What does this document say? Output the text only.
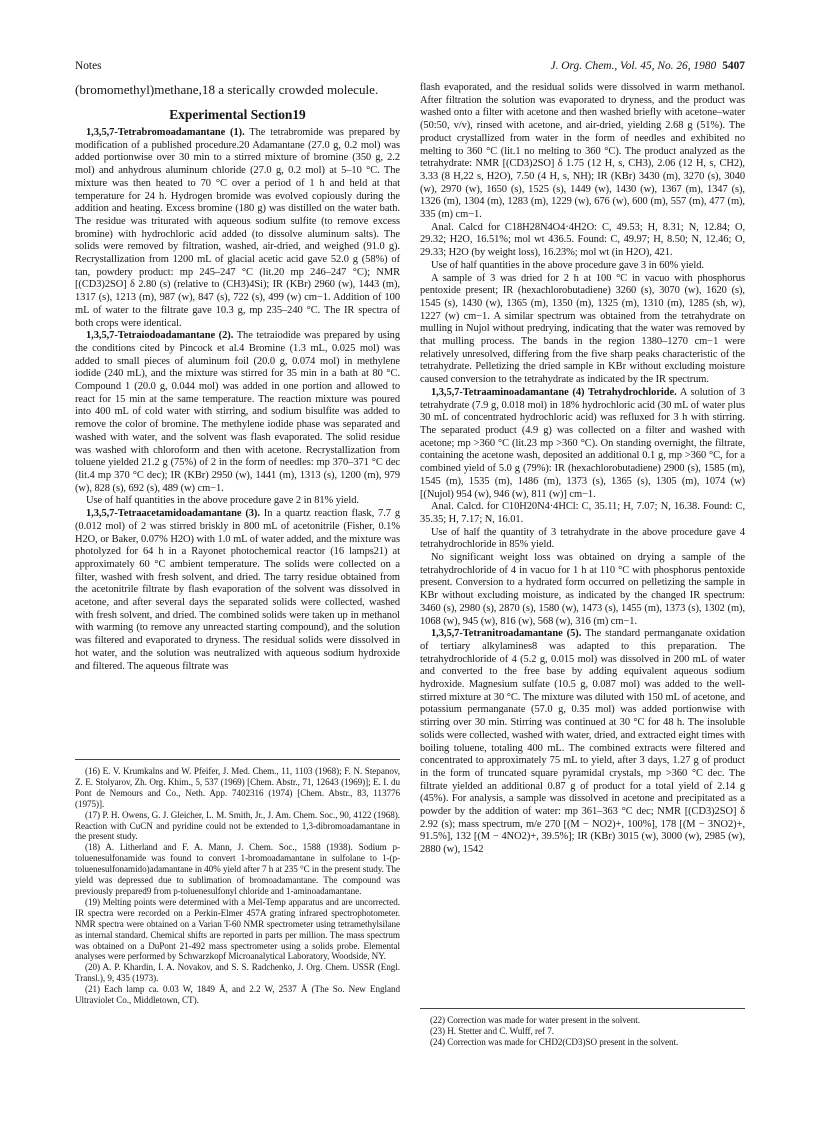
Notes	J. Org. Chem., Vol. 45, No. 26, 1980 5407
(bromomethyl)methane,18 a sterically crowded molecule.
Experimental Section19

1,3,5,7-Tetrabromoadamantane (1). The tetrabromide was prepared by modification of a published procedure.20 Adamantane (27.0 g, 0.2 mol) was added portionwise over 30 min to a stirred mixture of bromine (350 g, 2.2 mol) and anhydrous aluminum chloride (27.0 g, 0.2 mol) at 5–10 °C. The mixture was then heated to 70 °C over a period of 1 h and held at that temperature for 24 h. Hydrogen bromide was evolved copiously during the addition and heating. Excess bromine (180 g) was distilled on the water bath. The residue was triturated with aqueous sodium sulfite (to remove excess bromine) with hydrochloric acid added (to dissolve aluminum salts). The solids were removed by filtration, washed, air-dried, and weighed (91.0 g). Recrystallization from 1200 mL of glacial acetic acid gave 52.0 g (58%) of tan, powdery product: mp 245–247 °C (lit.20 mp 246–247 °C); NMR [(CD3)2SO] δ 2.80 (s) (relative to (CH3)4Si); IR (KBr) 2960 (w), 1443 (m), 1317 (s), 1213 (m), 987 (w), 847 (s), 722 (s), 499 (w) cm−1. Addition of 100 mL of water to the filtrate gave 10.3 g, mp 235–240 °C. The IR spectra of both crops were identical.

1,3,5,7-Tetraiodoadamantane (2). The tetraiodide was prepared by using the conditions cited by Pincock et al.4 Bromine (1.3 mL, 0.025 mol) was added to small pieces of aluminum foil (20.0 g, 0.074 mol) in methylene iodide (240 mL), and the mixture was stirred for 35 min in a bath at 80 °C. Compound 1 (20.0 g, 0.044 mol) was added in one portion and allowed to react for 15 min at the same temperature. The reaction mixture was poured into 400 mL of cold water with stirring, and sodium bisulfite was added to remove the color of bromine. The methylene iodide phase was separated and washed with water, and the solvent was flash evaporated. The solid residue was washed with chloroform and then with acetone. Recrystallization from toluene yielded 21.2 g (75%) of 2 in the form of needles: mp 370–371 °C dec (lit.4 mp 370 °C dec); IR (KBr) 2950 (w), 1441 (m), 1313 (s), 1200 (m), 979 (w), 828 (s), 692 (s), 489 (w) cm−1.

Use of half quantities in the above procedure gave 2 in 81% yield.

1,3,5,7-Tetraacetamidoadamantane (3). In a quartz reaction flask, 7.7 g (0.012 mol) of 2 was stirred briskly in 800 mL of acetonitrile (Fisher, 0.1% H2O, or Baker, 0.07% H2O) with 1.0 mL of water added, and the mixture was photolyzed for 64 h in a Rayonet photochemical reactor (16 lamps21) at approximately 60 °C ambient temperature. The solids were collected on a filter, washed with fresh solvent, and dried. The tarry residue obtained from the acetonitrile filtrate by flash evaporation of the solvent was dissolved in acetone, and after several days the separated solids were collected, washed with fresh solvent, and dried. The combined solids were taken up in methanol with warming (to remove any unreacted starting compound), and the solution was filtered and evaporated to dryness. The residual solids were dissolved in hot water, and the solution was neutralized with aqueous sodium hydroxide and filtered. The aqueous filtrate was

(16) E. V. Krumkalns and W. Pfeifer, J. Med. Chem., 11, 1103 (1968); F. N. Stepanov, Z. E. Stolyarov, Zh. Org. Khim., 5, 537 (1969) [Chem. Abstr., 71, 12643 (1969)]; E. I. du Pont de Nemours and Co., Neth. App. 7402316 (1974) [Chem. Abstr., 83, 113776 (1975)].

(17) P. H. Owens, G. J. Gleicher, L. M. Smith, Jr., J. Am. Chem. Soc., 90, 4122 (1968). Reaction with CuCN and pyridine could not be extended to 1,3-dibromoadamantane in the present study.

(18) A. Litherland and F. A. Mann, J. Chem. Soc., 1588 (1938). Sodium p-toluenesulfonamide was found to convert 1-bromoadamantane in sulfolane to 1-(p-toluenesulfonamido)adamantane in 40% yield after 7 h at 235 °C in the present study. The yield was depressed due to sublimation of bromoadamantane. The compound was previously prepared9 from p-toluenesulfonyl chloride and 1-aminoadamantane.

(19) Melting points were determined with a Mel-Temp apparatus and are uncorrected. IR spectra were recorded on a Perkin-Elmer 457A grating infrared spectrophotometer. NMR spectra were obtained on a Varian T-60 NMR spectrometer using tetramethylsilane as internal standard. Chemical shifts are reported in parts per million. The mass spectrum was obtained on a DuPont 21-492 mass spectrometer using a solids probe. Elemental analyses were performed by Schwarzkopf Microanalytical Laboratory, Woodside, NY.

(20) A. P. Khardin, I. A. Novakov, and S. S. Radchenko, J. Org. Chem. USSR (Engl. Transl.), 9, 435 (1973).

(21) Each lamp ca. 0.03 W, 1849 Å, and 2.2 W, 2537 Å (The So. New England Ultraviolet Co., Middletown, CT).

flash evaporated, and the residual solids were dissolved in warm methanol. After filtration the solution was evaporated to dryness, and the product was washed onto a filter with acetone and then washed briefly with acetone–water (50:50, v/v), rinsed with acetone, and air-dried, yielding 2.68 g (51%). The product crystallized from water in the form of needles and exhibited no melting to 360 °C (lit.1 no melting to 360 °C). The product analyzed as the tetrahydrate: NMR [(CD3)2SO] δ 1.75 (12 H, s, CH3), 2.06 (12 H, s, CH2), 3.33 (8 H,22 s, H2O), 7.50 (4 H, s, NH); IR (KBr) 3430 (m), 3270 (s), 3040 (w), 2970 (w), 1650 (s), 1525 (s), 1449 (w), 1430 (w), 1367 (m), 1347 (s), 1326 (m), 1304 (m), 1283 (m), 1229 (w), 676 (w), 600 (m), 557 (m), 477 (m), 335 (m) cm−1.

Anal. Calcd for C18H28N4O4·4H2O: C, 49.53; H, 8.31; N, 12.84; O, 29.32; H2O, 16.51%; mol wt 436.5. Found: C, 49.97; H, 8.50; N, 12.46; O, 29.33; H2O (by weight loss), 16.23%; mol wt (in H2O), 421.

Use of half quantities in the above procedure gave 3 in 60% yield.

A sample of 3 was dried for 2 h at 100 °C in vacuo with phosphorus pentoxide present; IR (hexachlorobutadiene) 3260 (s), 3070 (w), 1620 (s), 1545 (s), 1430 (w), 1365 (m), 1350 (m), 1325 (m), 1310 (m), 1285 (sh, w), 1227 (w) cm−1. A similar spectrum was obtained from the tetrahydrate on mulling in Nujol without predrying, indicating that the water was removed by that mulling process. The bands in the region 1380–1270 cm−1 were relatively unresolved, differing from the five sharp peaks characteristic of the tetrahydrate. Pelletizing the dried sample in KBr without excluding moisture caused conversion to the tetrahydrate as indicated by the IR spectrum.

1,3,5,7-Tetraaminoadamantane (4) Tetrahydrochloride. A solution of 3 tetrahydrate (7.9 g, 0.018 mol) in 18% hydrochloric acid (30 mL of water plus 30 mL of concentrated hydrochloric acid) was refluxed for 3 h with stirring. The separated product (4.9 g) was collected on a filter and washed with acetone; mp >360 °C (lit.23 mp >360 °C). On standing overnight, the filtrate, containing the acetone wash, deposited an additional 0.1 g, mp >360 °C, for a combined yield of 5.0 g (79%): IR (hexachlorobutadiene) 2900 (s), 1585 (m), 1545 (m), 1535 (m), 1486 (m), 1373 (s), 1365 (s), 1305 (m), 1074 (w) [(Nujol) 954 (w), 946 (w), 811 (w)] cm−1.

Anal. Calcd. for C10H20N4·4HCl: C, 35.11; H, 7.07; N, 16.38. Found: C, 35.35; H, 7.17; N, 16.01.

Use of half the quantity of 3 tetrahydrate in the above procedure gave 4 tetrahydrochloride in 85% yield.

No significant weight loss was obtained on drying a sample of the tetrahydrochloride of 4 in vacuo for 1 h at 110 °C with phosphorus pentoxide present. Conversion to a hydrated form occurred on pelletizing the sample in KBr without excluding moisture, as indicated by the changed IR spectrum: 3460 (s), 2980 (s), 2870 (s), 1580 (w), 1473 (s), 1455 (m), 1373 (s), 1302 (m), 1068 (w), 945 (w), 816 (w), 568 (w), 316 (m) cm−1.

1,3,5,7-Tetranitroadamantane (5). The standard permanganate oxidation of tertiary alkylamines8 was adapted to this preparation. The tetrahydrochloride of 4 (5.2 g, 0.015 mol) was dissolved in 200 mL of water and converted to the free base by adding equivalent aqueous sodium hydroxide. Magnesium sulfate (10.5 g, 0.087 mol) was added to the well-stirred mixture at 30 °C. The mixture was diluted with 150 mL of acetone, and potassium permanganate (57.0 g, 0.35 mol) was added portionwise with stirring over 30 min. Stirring was continued at 30 °C for 48 h. The insoluble solids were collected, washed with water, dried, and extracted eight times with boiling toluene, totaling 400 mL. The combined extracts were filtered and concentrated to approximately 75 mL to yield, after 3 days, 1.27 g of product in the form of truncated square pyramidal crystals, mp >360 °C dec. The filtrate yielded an additional 0.87 g of product for a total yield of 2.14 g (45%). For analysis, a sample was dissolved in acetone and precipitated as a powder by the addition of water: mp 361–363 °C dec; NMR [(CD3)2SO] δ 2.92 (s); mass spectrum, m/e 270 [(M − NO2)+, 100%], 178 [(M − 3NO2)+, 91.5%], 132 [(M − 4NO2)+, 39.5%]; IR (KBr) 3015 (w), 3000 (w), 2985 (w), 2880 (w), 1542

(22) Correction was made for water present in the solvent.

(23) H. Stetter and C. Wulff, ref 7.

(24) Correction was made for CHD2(CD3)SO present in the solvent.
